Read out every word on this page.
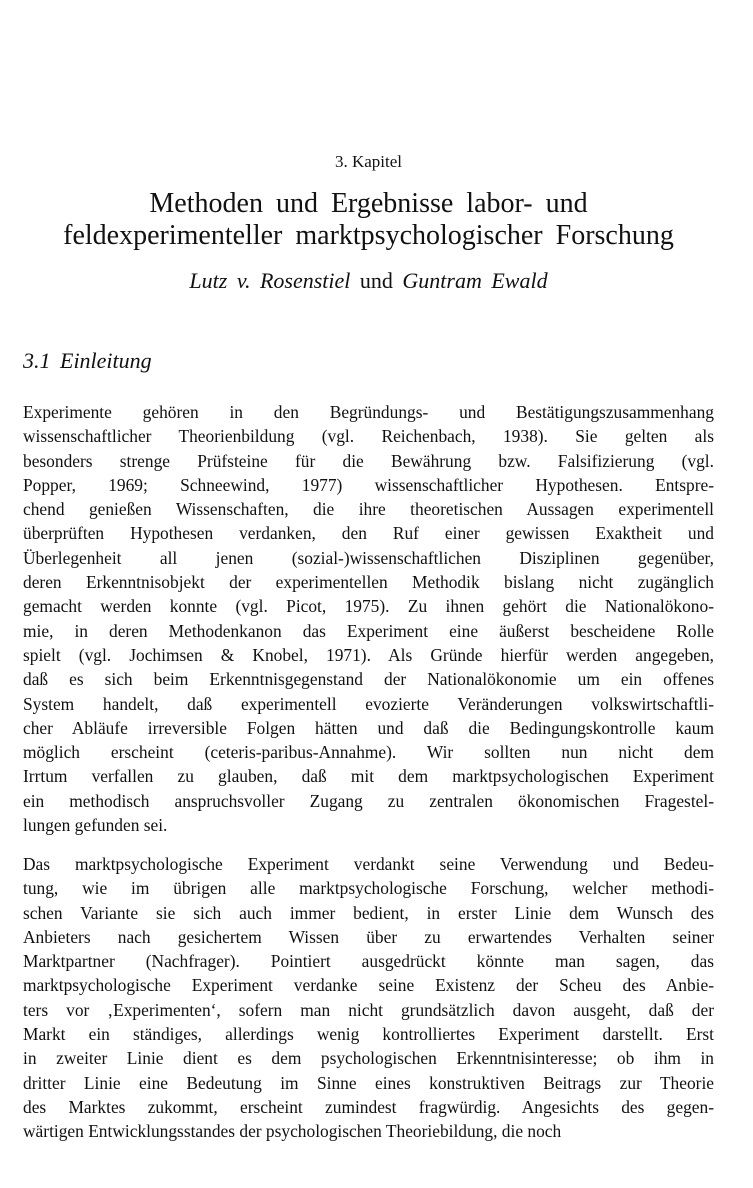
3. Kapitel
Methoden und Ergebnisse labor- und
feldexperimenteller marktpsychologischer Forschung
Lutz v. Rosenstiel und Guntram Ewald
3.1 Einleitung
Experimente gehören in den Begründungs- und Bestätigungszusammenhang
wissenschaftlicher Theorienbildung (vgl. Reichenbach, 1938). Sie gelten als
besonders strenge Prüfsteine für die Bewährung bzw. Falsifizierung (vgl.
Popper, 1969; Schneewind, 1977) wissenschaftlicher Hypothesen. Entspre-
chend genießen Wissenschaften, die ihre theoretischen Aussagen experimentell
überprüften Hypothesen verdanken, den Ruf einer gewissen Exaktheit und
Überlegenheit all jenen (sozial-)wissenschaftlichen Disziplinen gegenüber,
deren Erkenntnisobjekt der experimentellen Methodik bislang nicht zugänglich
gemacht werden konnte (vgl. Picot, 1975). Zu ihnen gehört die Nationalökono-
mie, in deren Methodenkanon das Experiment eine äußerst bescheidene Rolle
spielt (vgl. Jochimsen & Knobel, 1971). Als Gründe hierfür werden angegeben,
daß es sich beim Erkenntnisgegenstand der Nationalökonomie um ein offenes
System handelt, daß experimentell evozierte Veränderungen volkswirtschaftli-
cher Abläufe irreversible Folgen hätten und daß die Bedingungskontrolle kaum
möglich erscheint (ceteris-paribus-Annahme). Wir sollten nun nicht dem
Irrtum verfallen zu glauben, daß mit dem marktpsychologischen Experiment
ein methodisch anspruchsvoller Zugang zu zentralen ökonomischen Fragestel-
lungen gefunden sei.
Das marktpsychologische Experiment verdankt seine Verwendung und Bedeu-
tung, wie im übrigen alle marktpsychologische Forschung, welcher methodi-
schen Variante sie sich auch immer bedient, in erster Linie dem Wunsch des
Anbieters nach gesichertem Wissen über zu erwartendes Verhalten seiner
Marktpartner (Nachfrager). Pointiert ausgedrückt könnte man sagen, das
marktpsychologische Experiment verdanke seine Existenz der Scheu des Anbie-
ters vor ‚Experimenten‘, sofern man nicht grundsätzlich davon ausgeht, daß der
Markt ein ständiges, allerdings wenig kontrolliertes Experiment darstellt. Erst
in zweiter Linie dient es dem psychologischen Erkenntnisinteresse; ob ihm in
dritter Linie eine Bedeutung im Sinne eines konstruktiven Beitrags zur Theorie
des Marktes zukommt, erscheint zumindest fragwürdig. Angesichts des gegen-
wärtigen Entwicklungsstandes der psychologischen Theoriebildung, die noch
